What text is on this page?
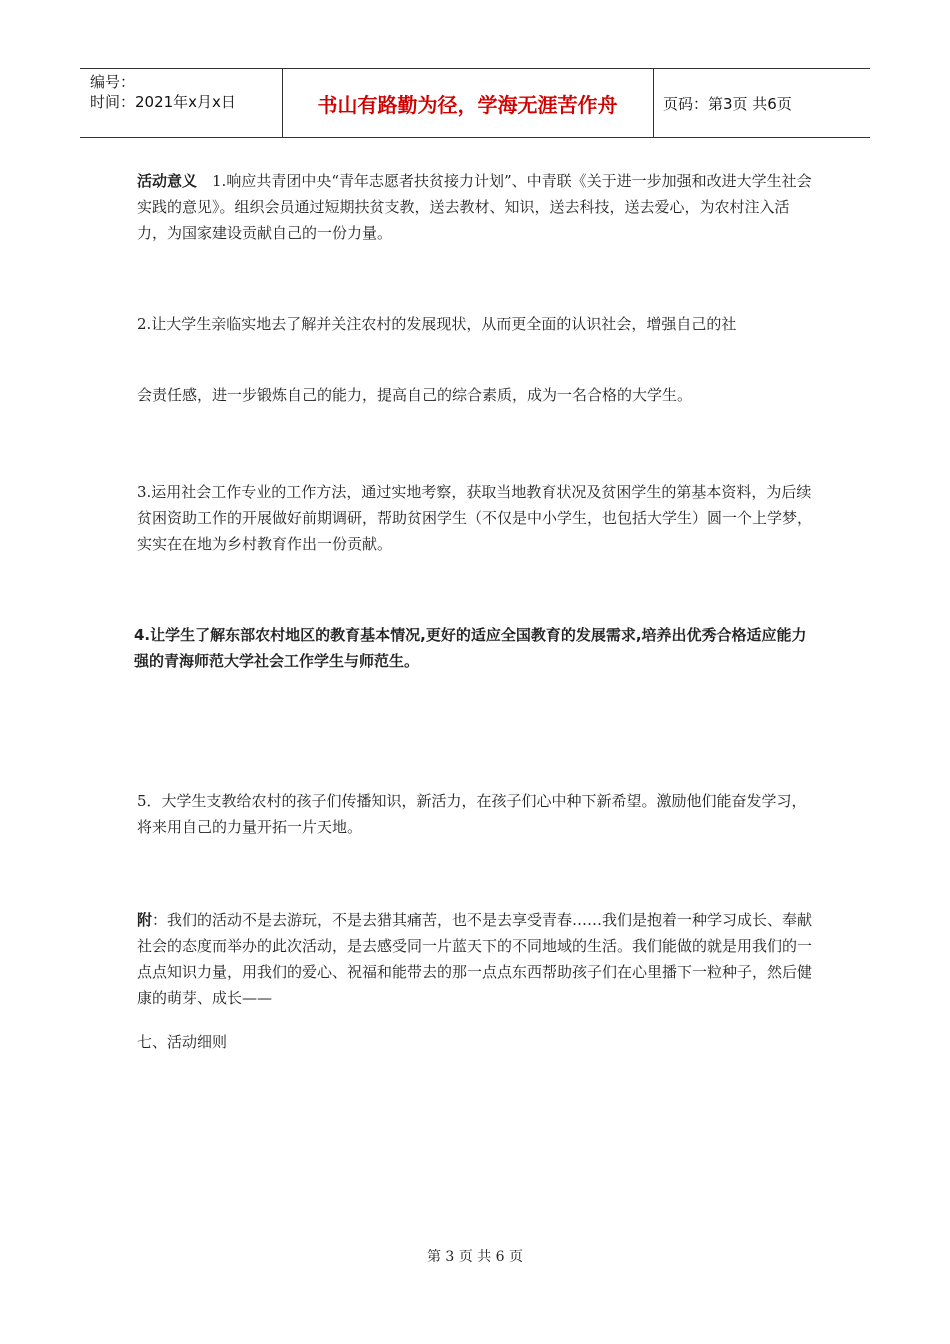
编号：
时间：2021年x月x日	书山有路勤为径，学海无涯苦作舟	页码：第3页 共6页
活动意义　1.响应共青团中央“青年志愿者扶贫接力计划”、中青联《关于进一步加强和改进大学生社会实践的意见》。组织会员通过短期扶贫支教，送去教材、知识，送去科技，送去爱心，为农村注入活力，为国家建设贡献自己的一份力量。
2.让大学生亲临实地去了解并关注农村的发展现状，从而更全面的认识社会，增强自己的社
会责任感，进一步锻炼自己的能力，提高自己的综合素质，成为一名合格的大学生。
3.运用社会工作专业的工作方法，通过实地考察，获取当地教育状况及贫困学生的第基本资料，为后续贫困资助工作的开展做好前期调研，帮助贫困学生（不仅是中小学生，也包括大学生）圆一个上学梦，实实在在地为乡村教育作出一份贡献。
4.让学生了解东部农村地区的教育基本情况,更好的适应全国教育的发展需求,培养出优秀合格适应能力强的青海师范大学社会工作学生与师范生。
5．大学生支教给农村的孩子们传播知识，新活力，在孩子们心中种下新希望。激励他们能奋发学习，将来用自己的力量开拓一片天地。
附：我们的活动不是去游玩，不是去猎其痛苦，也不是去享受青春……我们是抱着一种学习成长、奉献社会的态度而举办的此次活动，是去感受同一片蓝天下的不同地域的生活。我们能做的就是用我们的一点点知识力量，用我们的爱心、祝福和能带去的那一点点东西帮助孩子们在心里播下一粒种子，然后健康的萌芽、成长——
七、活动细则
第 3 页 共 6 页
